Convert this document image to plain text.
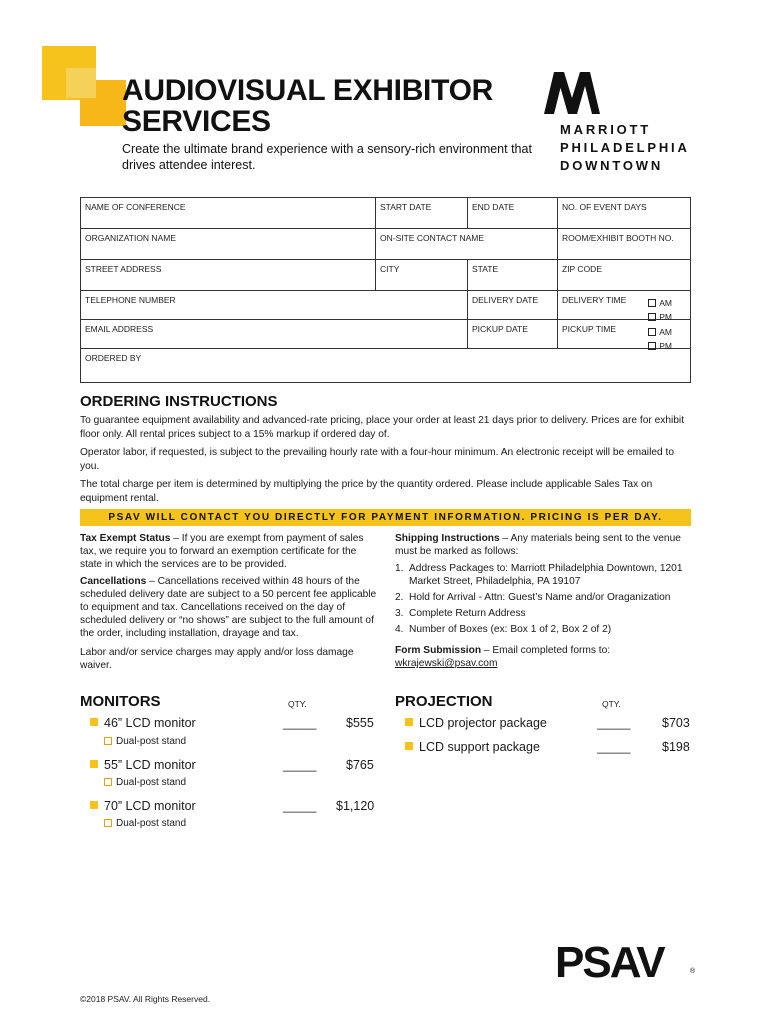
AUDIOVISUAL EXHIBITOR
SERVICES
Create the ultimate brand experience with a sensory-rich environment that drives attendee interest.
MARRIOTT
PHILADELPHIA
DOWNTOWN
NAME OF CONFERENCE	START DATE	END DATE	NO. OF EVENT DAYS
ORGANIZATION NAME	ON-SITE CONTACT NAME	ROOM/EXHIBIT BOOTH NO.
STREET ADDRESS	CITY	STATE	ZIP CODE
TELEPHONE NUMBER	DELIVERY DATE	DELIVERY TIME	AM
PM
EMAIL ADDRESS	PICKUP DATE	PICKUP TIME	AM
PM
ORDERED BY
ORDERING INSTRUCTIONS
To guarantee equipment availability and advanced-rate pricing, place your order at least 21 days prior to delivery. Prices are for exhibit floor only. All rental prices subject to a 15% markup if ordered day of.
Operator labor, if requested, is subject to the prevailing hourly rate with a four-hour minimum. An electronic receipt will be emailed to you.
The total charge per item is determined by multiplying the price by the quantity ordered. Please include applicable Sales Tax on equipment rental.
PSAV WILL CONTACT YOU DIRECTLY FOR PAYMENT INFORMATION. PRICING IS PER DAY.

Tax Exempt Status – If you are exempt from payment of sales tax, we require you to forward an exemption certificate for the state in which the services are to be provided.

Cancellations – Cancellations received within 48 hours of the scheduled delivery date are subject to a 50 percent fee applicable to equipment and tax. Cancellations received on the day of scheduled delivery or “no shows” are subject to the full amount of the order, including installation, drayage and tax.

Labor and/or service charges may apply and/or loss damage waiver.

Shipping Instructions – Any materials being sent to the venue must be marked as follows:

1. Address Packages to: Marriott Philadelphia Downtown, 1201 Market Street, Philadelphia, PA 19107
2. Hold for Arrival - Attn: Guest’s Name and/or Oraganization
3. Complete Return Address
4. Number of Boxes (ex: Box 1 of 2, Box 2 of 2)

Form Submission – Email completed forms to:
wkrajewski@psav.com

MONITORS	QTY.
46” LCD monitor	_____ $555
Dual-post stand
55” LCD monitor	_____ $765
Dual-post stand
70” LCD monitor	_____ $1,120
Dual-post stand
PROJECTION	QTY.
LCD projector package	_____	$703
LCD support package	_____	$198
PSAV	®
©2018 PSAV. All Rights Reserved.
